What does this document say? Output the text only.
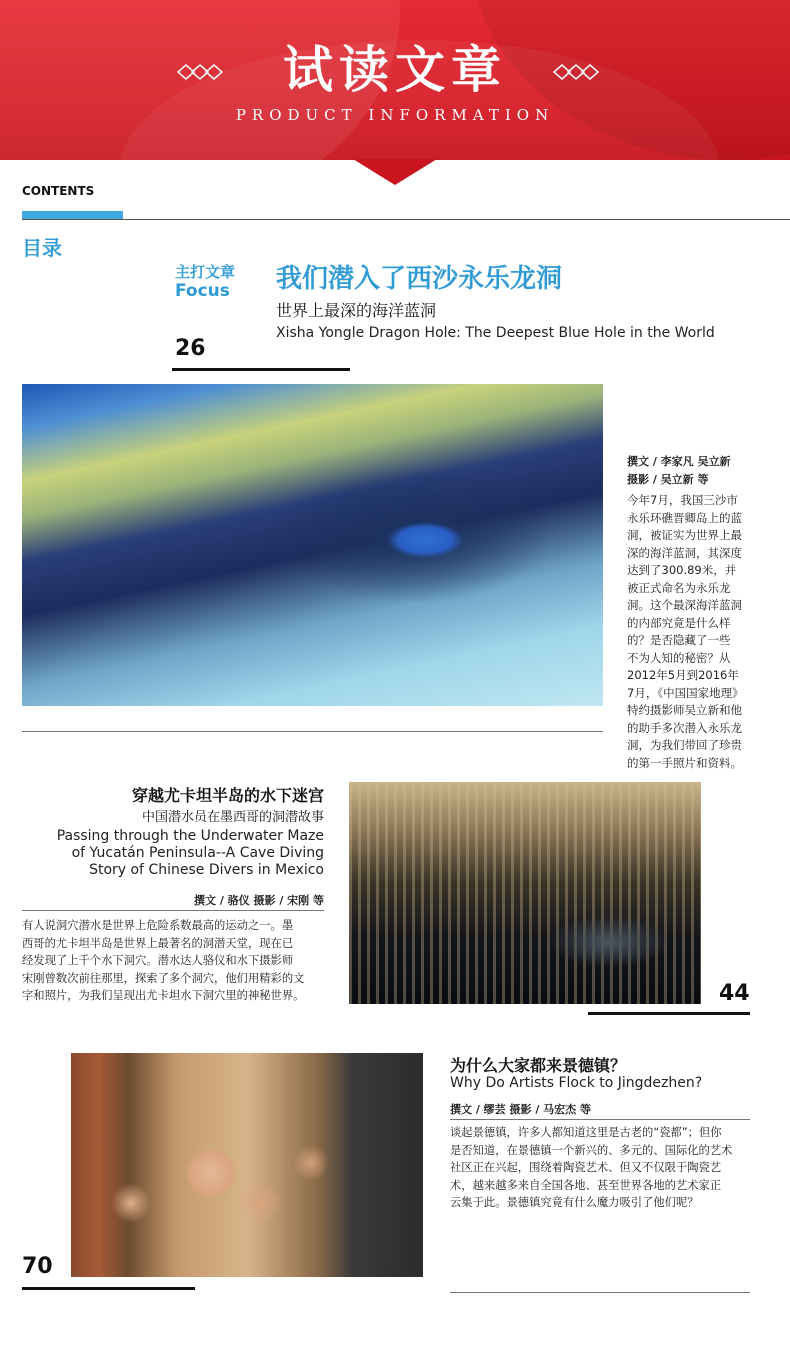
试读文章
PRODUCT INFORMATION
CONTENTS
目录
主打文章
Focus 我们潜入了西沙永乐龙洞
世界上最深的海洋蓝洞
Xisha Yongle Dragon Hole: The Deepest Blue Hole in the World
26
撰文 / 李家凡 吴立新
摄影 / 吴立新 等
今年7月，我国三沙市
永乐环礁晋卿岛上的蓝
洞，被证实为世界上最
深的海洋蓝洞，其深度
达到了300.89米，并
被正式命名为永乐龙
洞。这个最深海洋蓝洞
的内部究竟是什么样
的？是否隐藏了一些
不为人知的秘密？从
2012年5月到2016年
7月，《中国国家地理》
特约摄影师吴立新和他
的助手多次潜入永乐龙
洞，为我们带回了珍贵
的第一手照片和资料。
穿越尤卡坦半岛的水下迷宫
中国潜水员在墨西哥的洞潜故事
Passing through the Underwater Maze
of Yucatán Peninsula--A Cave Diving
Story of Chinese Divers in Mexico
撰文 / 骆仪 摄影 / 宋刚 等
有人说洞穴潜水是世界上危险系数最高的运动之一。墨
西哥的尤卡坦半岛是世界上最著名的洞潜天堂，现在已
经发现了上千个水下洞穴。潜水达人骆仪和水下摄影师
宋刚曾数次前往那里，探索了多个洞穴，他们用精彩的文
字和照片，为我们呈现出尤卡坦水下洞穴里的神秘世界。	44
为什么大家都来景德镇？
Why Do Artists Flock to Jingdezhen?
撰文 / 缪芸 摄影 / 马宏杰 等
谈起景德镇，许多人都知道这里是古老的“瓷都”；但你
是否知道，在景德镇一个新兴的、多元的、国际化的艺术
社区正在兴起，围绕着陶瓷艺术、但又不仅限于陶瓷艺
术，越来越多来自全国各地、甚至世界各地的艺术家正
云集于此。景德镇究竟有什么魔力吸引了他们呢？
70
